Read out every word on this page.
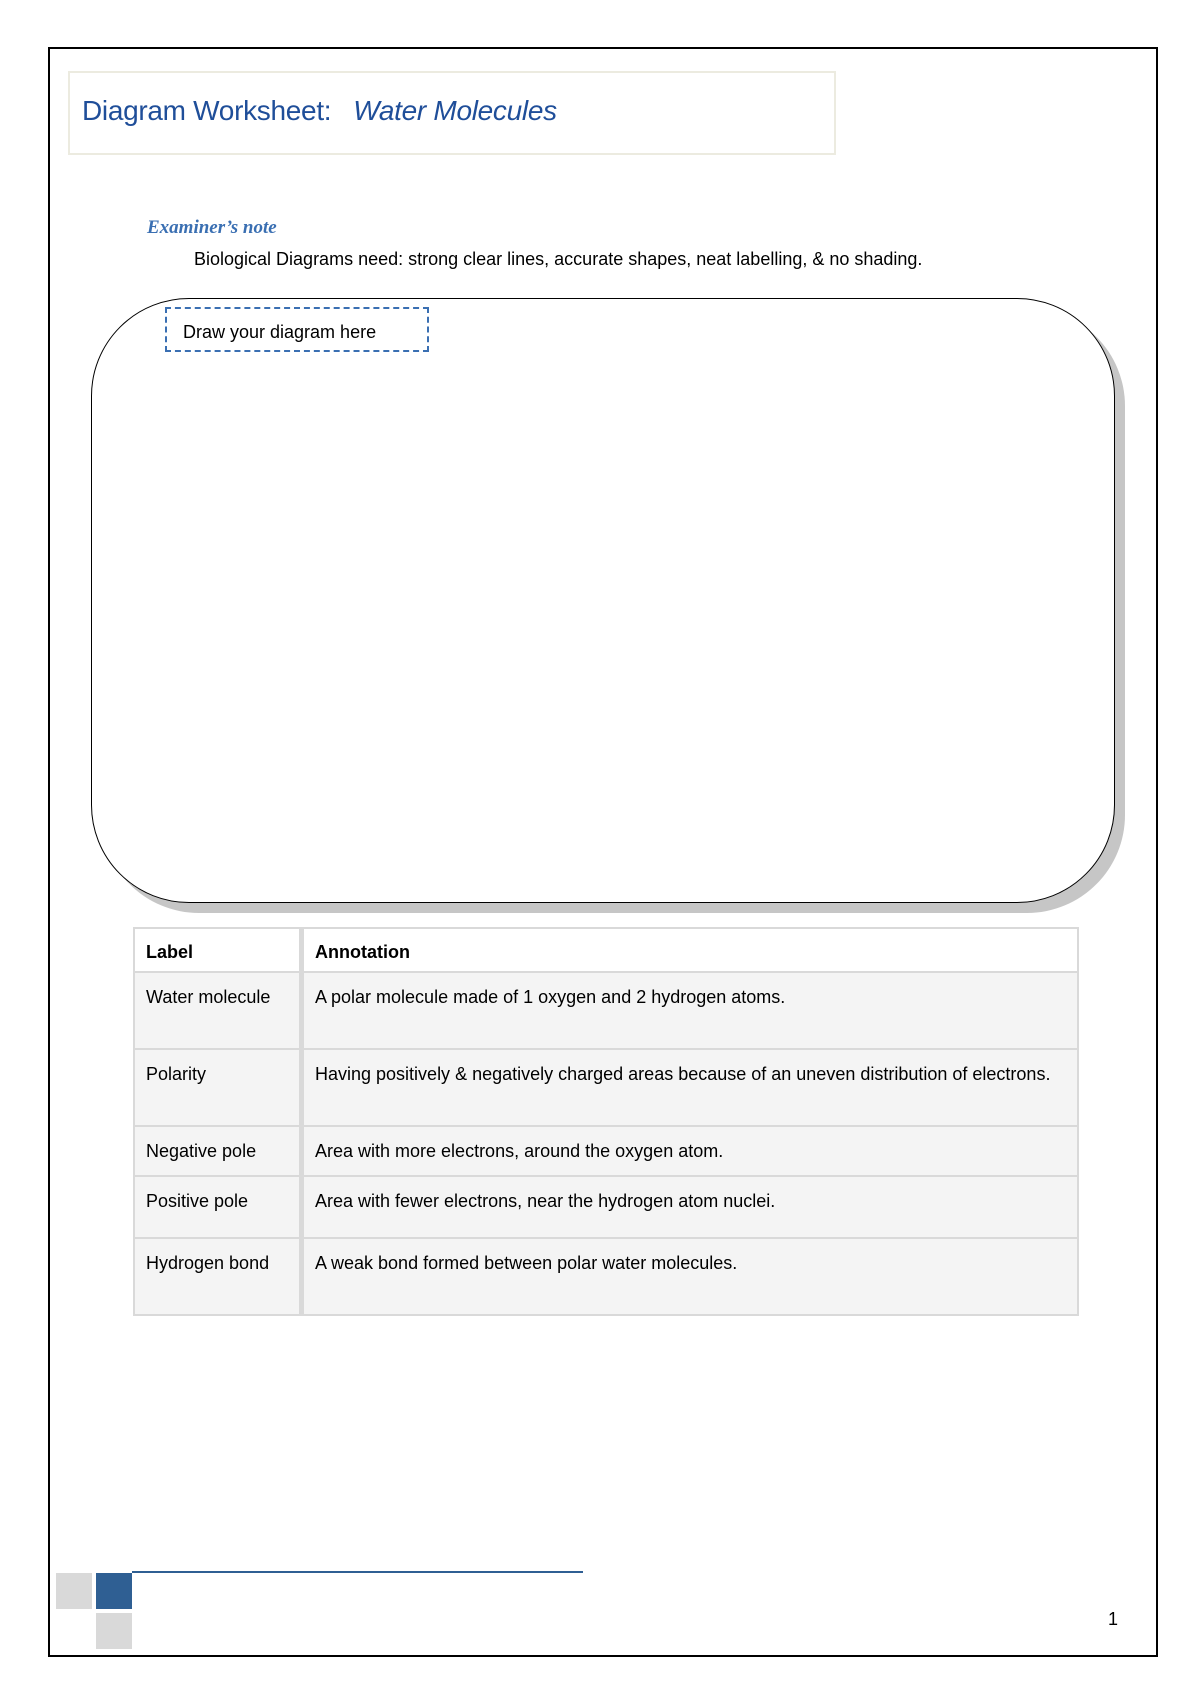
Diagram Worksheet: Water Molecules
Examiner’s note
Biological Diagrams need: strong clear lines, accurate shapes, neat labelling, & no shading.
Draw your diagram here
Label	Annotation
Water molecule	A polar molecule made of 1 oxygen and 2 hydrogen atoms.
Polarity	Having positively & negatively charged areas because of an uneven distribution of electrons.
Negative pole	Area with more electrons, around the oxygen atom.
Positive pole	Area with fewer electrons, near the hydrogen atom nuclei.
Hydrogen bond	A weak bond formed between polar water molecules.
1
